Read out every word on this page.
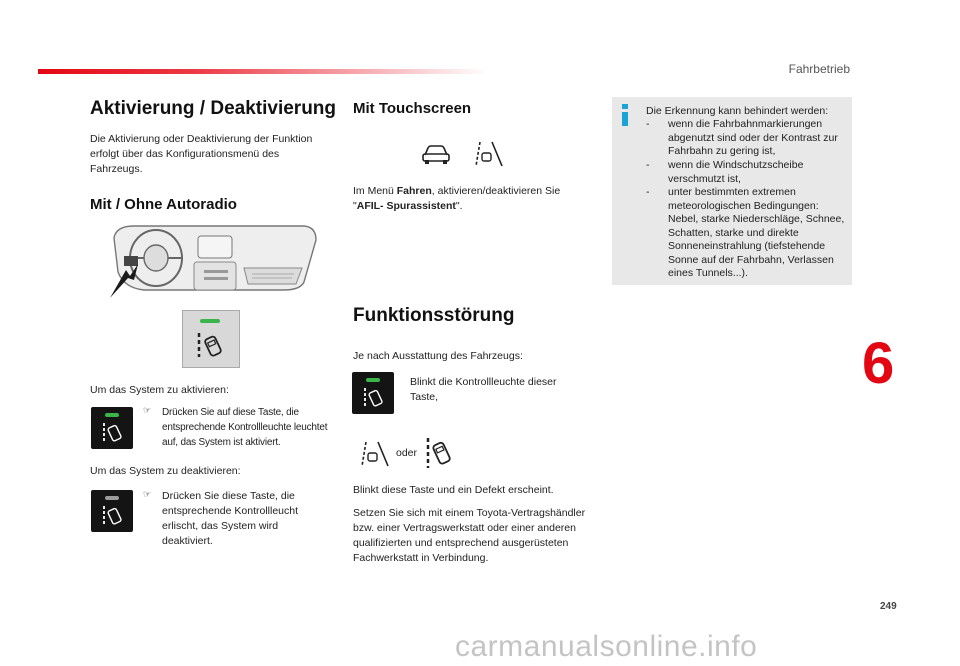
Fahrbetrieb
Aktivierung / Deaktivierung

Die Aktivierung oder Deaktivierung der Funktion erfolgt über das Konfigurationsmenü des Fahrzeugs.

Mit / Ohne Autoradio

Um das System zu aktivieren:

☞ Drücken Sie auf diese Taste, die entsprechende Kontrollleuchte leuchtet auf, das System ist aktiviert.

Um das System zu deaktivieren:

☞ Drücken Sie diese Taste, die entsprechende Kontrollleucht erlischt, das System wird deaktiviert.

Mit Touchscreen

Im Menü Fahren, aktivieren/deaktivieren Sie
"AFIL- Spurassistent".

Funktionsstörung

Je nach Ausstattung des Fahrzeugs:

Blinkt die Kontrollleuchte dieser Taste,

oder

Blinkt diese Taste und ein Defekt erscheint.

Setzen Sie sich mit einem Toyota-Vertragshändler bzw. einer Vertragswerkstatt oder einer anderen qualifizierten und entsprechend ausgerüsteten Fachwerkstatt in Verbindung.

Die Erkennung kann behindert werden:

- wenn die Fahrbahnmarkierungen abgenutzt sind oder der Kontrast zur Fahrbahn zu gering ist,
- wenn die Windschutzscheibe verschmutzt ist,
- unter bestimmten extremen meteorologischen Bedingungen: Nebel, starke Niederschläge, Schnee, Schatten, starke und direkte Sonneneinstrahlung (tiefstehende Sonne auf der Fahrbahn, Verlassen eines Tunnels...).
6
249
carmanualsonline.info
